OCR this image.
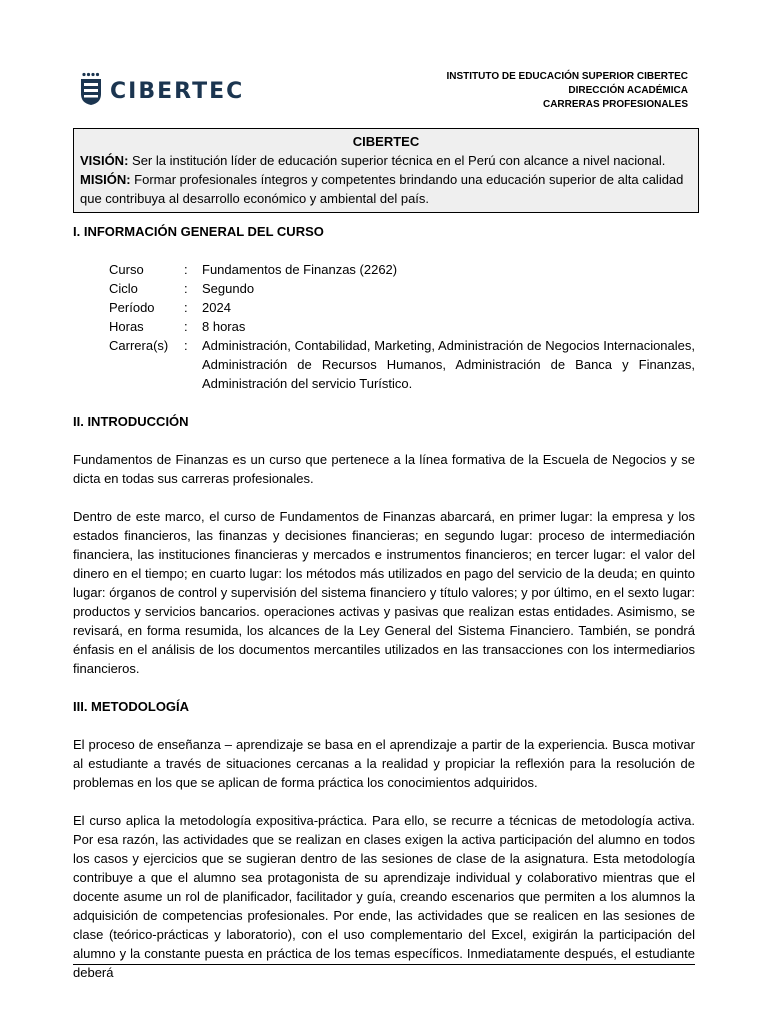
CIBERTEC
INSTITUTO DE EDUCACIÓN SUPERIOR CIBERTEC
DIRECCIÓN ACADÉMICA
CARRERAS PROFESIONALES
CIBERTEC
VISIÓN: Ser la institución líder de educación superior técnica en el Perú con alcance a nivel nacional.
MISIÓN: Formar profesionales íntegros y competentes brindando una educación superior de alta calidad que contribuya al desarrollo económico y ambiental del país.
I. INFORMACIÓN GENERAL DEL CURSO
Curso	:	Fundamentos de Finanzas (2262)
Ciclo	:	Segundo
Período	:	2024
Horas	:	8 horas
Carrera(s)	:	Administración, Contabilidad, Marketing, Administración de Negocios Internacionales, Administración de Recursos Humanos, Administración de Banca y Finanzas, Administración del servicio Turístico.
II. INTRODUCCIÓN

Fundamentos de Finanzas es un curso que pertenece a la línea formativa de la Escuela de Negocios y se dicta en todas sus carreras profesionales.

Dentro de este marco, el curso de Fundamentos de Finanzas abarcará, en primer lugar: la empresa y los estados financieros, las finanzas y decisiones financieras; en segundo lugar: proceso de intermediación financiera, las instituciones financieras y mercados e instrumentos financieros; en tercer lugar: el valor del dinero en el tiempo; en cuarto lugar: los métodos más utilizados en pago del servicio de la deuda; en quinto lugar: órganos de control y supervisión del sistema financiero y título valores; y por último, en el sexto lugar: productos y servicios bancarios. operaciones activas y pasivas que realizan estas entidades. Asimismo, se revisará, en forma resumida, los alcances de la Ley General del Sistema Financiero. También, se pondrá énfasis en el análisis de los documentos mercantiles utilizados en las transacciones con los intermediarios financieros.

III. METODOLOGÍA

El proceso de enseñanza – aprendizaje se basa en el aprendizaje a partir de la experiencia. Busca motivar al estudiante a través de situaciones cercanas a la realidad y propiciar la reflexión para la resolución de problemas en los que se aplican de forma práctica los conocimientos adquiridos.

El curso aplica la metodología expositiva-práctica. Para ello, se recurre a técnicas de metodología activa. Por esa razón, las actividades que se realizan en clases exigen la activa participación del alumno en todos los casos y ejercicios que se sugieran dentro de las sesiones de clase de la asignatura. Esta metodología contribuye a que el alumno sea protagonista de su aprendizaje individual y colaborativo mientras que el docente asume un rol de planificador, facilitador y guía, creando escenarios que permiten a los alumnos la adquisición de competencias profesionales. Por ende, las actividades que se realicen en las sesiones de clase (teórico-prácticas y laboratorio), con el uso complementario del Excel, exigirán la participación del alumno y la constante puesta en práctica de los temas específicos. Inmediatamente después, el estudiante deberá
